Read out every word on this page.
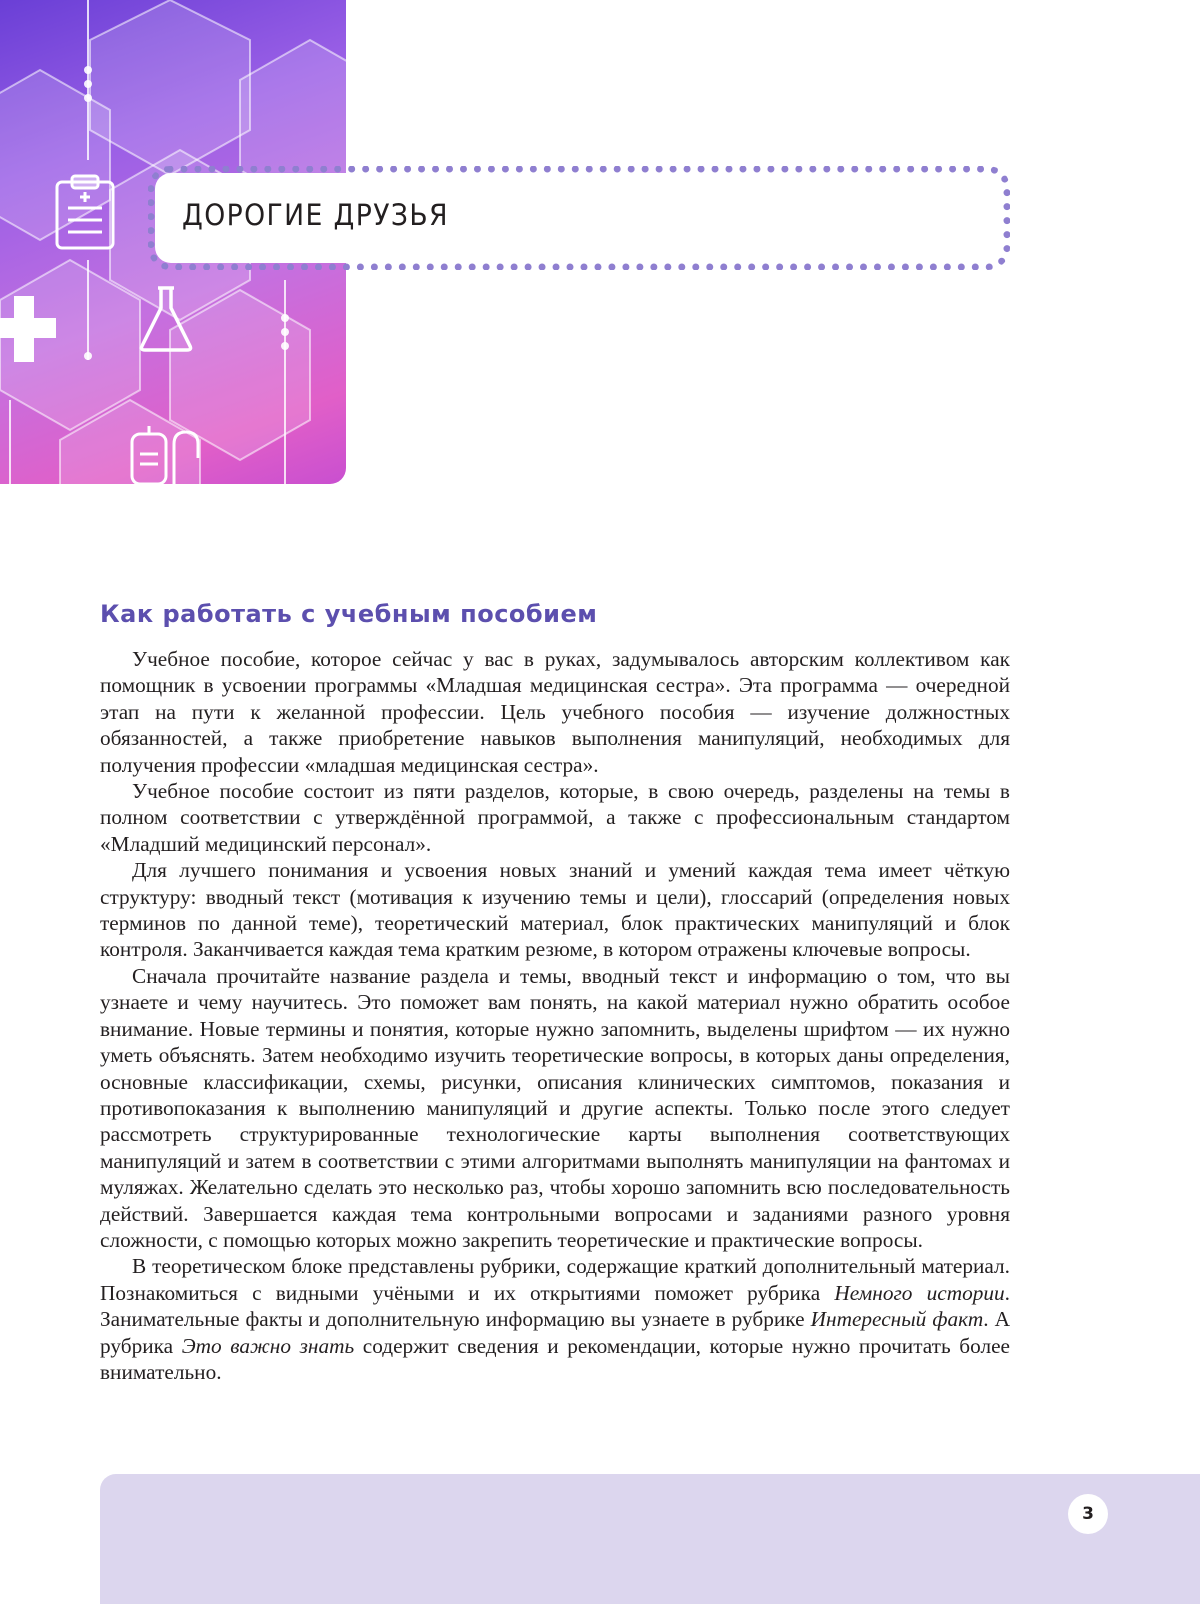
ДОРОГИЕ ДРУЗЬЯ
Как работать с учебным пособием

Учебное пособие, которое сейчас у вас в руках, задумывалось авторским коллективом как помощник в усвоении программы «Младшая медицинская сестра». Эта программа — очередной этап на пути к желанной профессии. Цель учебного пособия — изучение должностных обязанностей, а также приобретение навыков выполнения манипуляций, необходимых для получения профессии «младшая медицинская сестра».

Учебное пособие состоит из пяти разделов, которые, в свою очередь, разделены на темы в полном соответствии с утверждённой программой, а также с профессиональным стандартом «Младший медицинский персонал».

Для лучшего понимания и усвоения новых знаний и умений каждая тема имеет чёткую структуру: вводный текст (мотивация к изучению темы и цели), глоссарий (определения новых терминов по данной теме), теоретический материал, блок практических манипуляций и блок контроля. Заканчивается каждая тема кратким резюме, в котором отражены ключевые вопросы.

Сначала прочитайте название раздела и темы, вводный текст и информацию о том, что вы узнаете и чему научитесь. Это поможет вам понять, на какой материал нужно обратить особое внимание. Новые термины и понятия, которые нужно запомнить, выделены шрифтом — их нужно уметь объяснять. Затем необходимо изучить теоретические вопросы, в которых даны определения, основные классификации, схемы, рисунки, описания клинических симптомов, показания и противопоказания к выполнению манипуляций и другие аспекты. Только после этого следует рассмотреть структурированные технологические карты выполнения соответствующих манипуляций и затем в соответствии с этими алгоритмами выполнять манипуляции на фантомах и муляжах. Желательно сделать это несколько раз, чтобы хорошо запомнить всю последовательность действий. Завершается каждая тема контрольными вопросами и заданиями разного уровня сложности, с помощью которых можно закрепить теоретические и практические вопросы.

В теоретическом блоке представлены рубрики, содержащие краткий дополнительный материал. Познакомиться с видными учёными и их открытиями поможет рубрика Немного истории. Занимательные факты и дополнительную информацию вы узнаете в рубрике Интересный факт. А рубрика Это важно знать содержит сведения и рекомендации, которые нужно прочитать более внимательно.

3
